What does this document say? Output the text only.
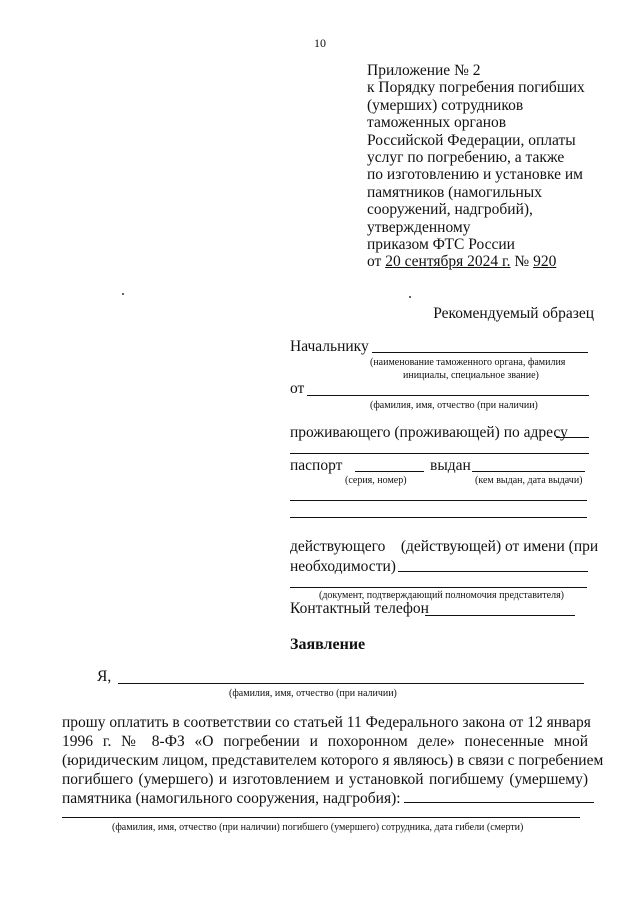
10
Приложение № 2
к Порядку погребения погибших
(умерших) сотрудников
таможенных органов
Российской Федерации, оплаты
услуг по погребению, а также
по изготовлению и установке им
памятников (намогильных
сооружений, надгробий),
утвержденному
приказом ФТС России
от 20 сентября 2024 г. № 920
Рекомендуемый образец
Начальнику
(наименование таможенного органа, фамилия
инициалы, специальное звание)
от
(фамилия, имя, отчество (при наличии)
проживающего (проживающей) по адресу
паспорт	выдан
(серия, номер)	(кем выдан, дата выдачи)
действующего    (действующей) от имени (при
необходимости)
(документ, подтверждающий полномочия представителя)
Контактный телефон
Заявление
Я,
(фамилия, имя, отчество (при наличии)
прошу оплатить в соответствии со статьей 11 Федерального закона от 12 января
1996 г. № 8-ФЗ «О погребении и похоронном деле» понесенные мной
(юридическим лицом, представителем которого я являюсь) в связи с погребением
погибшего (умершего) и изготовлением и установкой погибшему (умершему)
памятника (намогильного сооружения, надгробия):
(фамилия, имя, отчество (при наличии) погибшего (умершего) сотрудника, дата гибели (смерти)
